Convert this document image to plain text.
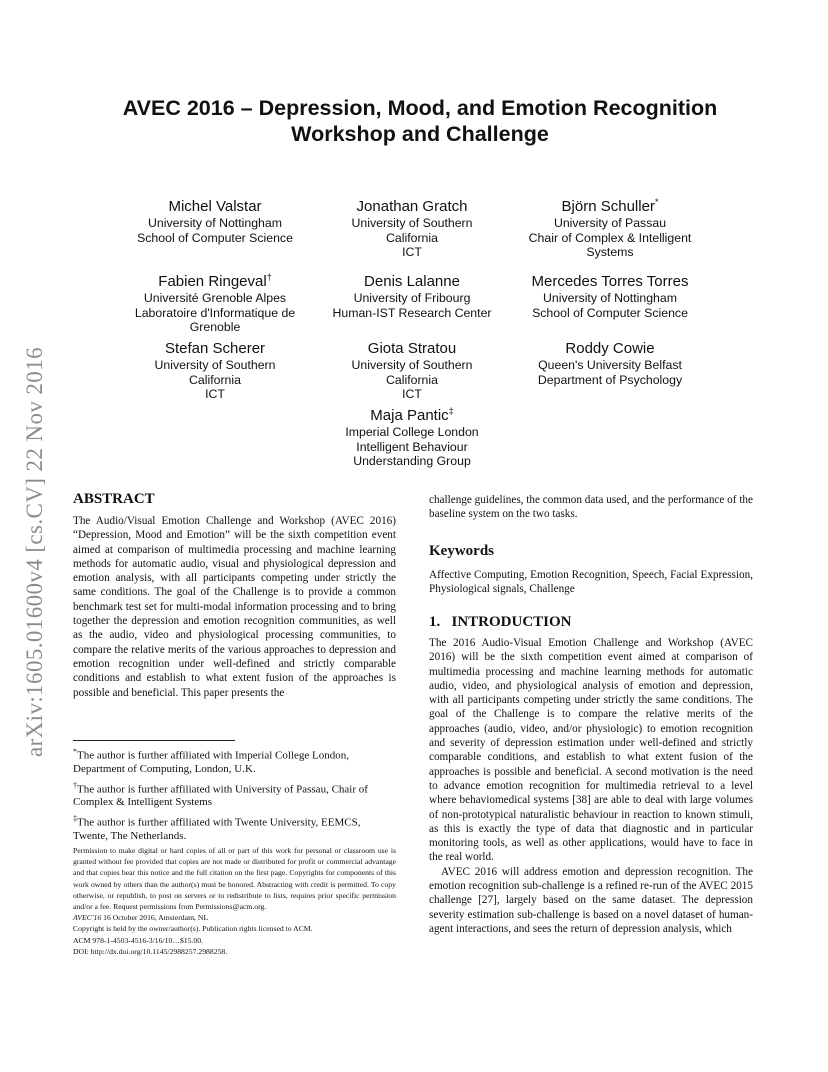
arXiv:1605.01600v4 [cs.CV] 22 Nov 2016
AVEC 2016 – Depression, Mood, and Emotion Recognition
Workshop and Challenge
Michel Valstar
University of Nottingham
School of Computer Science
Jonathan Gratch
University of Southern
California
ICT
Björn Schuller*
University of Passau
Chair of Complex & Intelligent
Systems
Fabien Ringeval†
Université Grenoble Alpes
Laboratoire d'Informatique de
Grenoble
Denis Lalanne
University of Fribourg
Human-IST Research Center
Mercedes Torres Torres
University of Nottingham
School of Computer Science
Stefan Scherer
University of Southern
California
ICT
Giota Stratou
University of Southern
California
ICT
Roddy Cowie
Queen's University Belfast
Department of Psychology
Maja Pantic‡
Imperial College London
Intelligent Behaviour
Understanding Group
ABSTRACT
The Audio/Visual Emotion Challenge and Workshop (AVEC 2016) “Depression, Mood and Emotion” will be the sixth competition event aimed at comparison of multimedia processing and machine learning methods for automatic audio, visual and physiological depression and emotion analysis, with all participants competing under strictly the same conditions. The goal of the Challenge is to provide a common benchmark test set for multi-modal information processing and to bring together the depression and emotion recognition communities, as well as the audio, video and physiological processing communities, to compare the relative merits of the various approaches to depression and emotion recognition under well-defined and strictly comparable conditions and establish to what extent fusion of the approaches is possible and beneficial. This paper presents the
*The author is further affiliated with Imperial College London, Department of Computing, London, U.K.
†The author is further affiliated with University of Passau, Chair of Complex & Intelligent Systems
‡The author is further affiliated with Twente University, EEMCS, Twente, The Netherlands.
Permission to make digital or hard copies of all or part of this work for personal or classroom use is granted without fee provided that copies are not made or distributed for profit or commercial advantage and that copies bear this notice and the full citation on the first page. Copyrights for components of this work owned by others than the author(s) must be honored. Abstracting with credit is permitted. To copy otherwise, or republish, to post on servers or to redistribute to lists, requires prior specific permission and/or a fee. Request permissions from Permissions@acm.org.
AVEC'16 16 October 2016, Amsterdam, NL
Copyright is held by the owner/author(s). Publication rights licensed to ACM.
ACM 978-1-4503-4516-3/16/10…$15.00.
DOI: http://dx.doi.org/10.1145/2988257.2988258.
challenge guidelines, the common data used, and the performance of the baseline system on the two tasks.
Keywords
Affective Computing, Emotion Recognition, Speech, Facial Expression, Physiological signals, Challenge
1.   INTRODUCTION

The 2016 Audio-Visual Emotion Challenge and Workshop (AVEC 2016) will be the sixth competition event aimed at comparison of multimedia processing and machine learning methods for automatic audio, video, and physiological analysis of emotion and depression, with all participants competing under strictly the same conditions. The goal of the Challenge is to compare the relative merits of the approaches (audio, video, and/or physiologic) to emotion recognition and severity of depression estimation under well-defined and strictly comparable conditions, and establish to what extent fusion of the approaches is possible and beneficial. A second motivation is the need to advance emotion recognition for multimedia retrieval to a level where behaviomedical systems [38] are able to deal with large volumes of non-prototypical naturalistic behaviour in reaction to known stimuli, as this is exactly the type of data that diagnostic and in particular monitoring tools, as well as other applications, would have to face in the real world.

AVEC 2016 will address emotion and depression recognition. The emotion recognition sub-challenge is a refined re-run of the AVEC 2015 challenge [27], largely based on the same dataset. The depression severity estimation sub-challenge is based on a novel dataset of human-agent interactions, and sees the return of depression analysis, which
